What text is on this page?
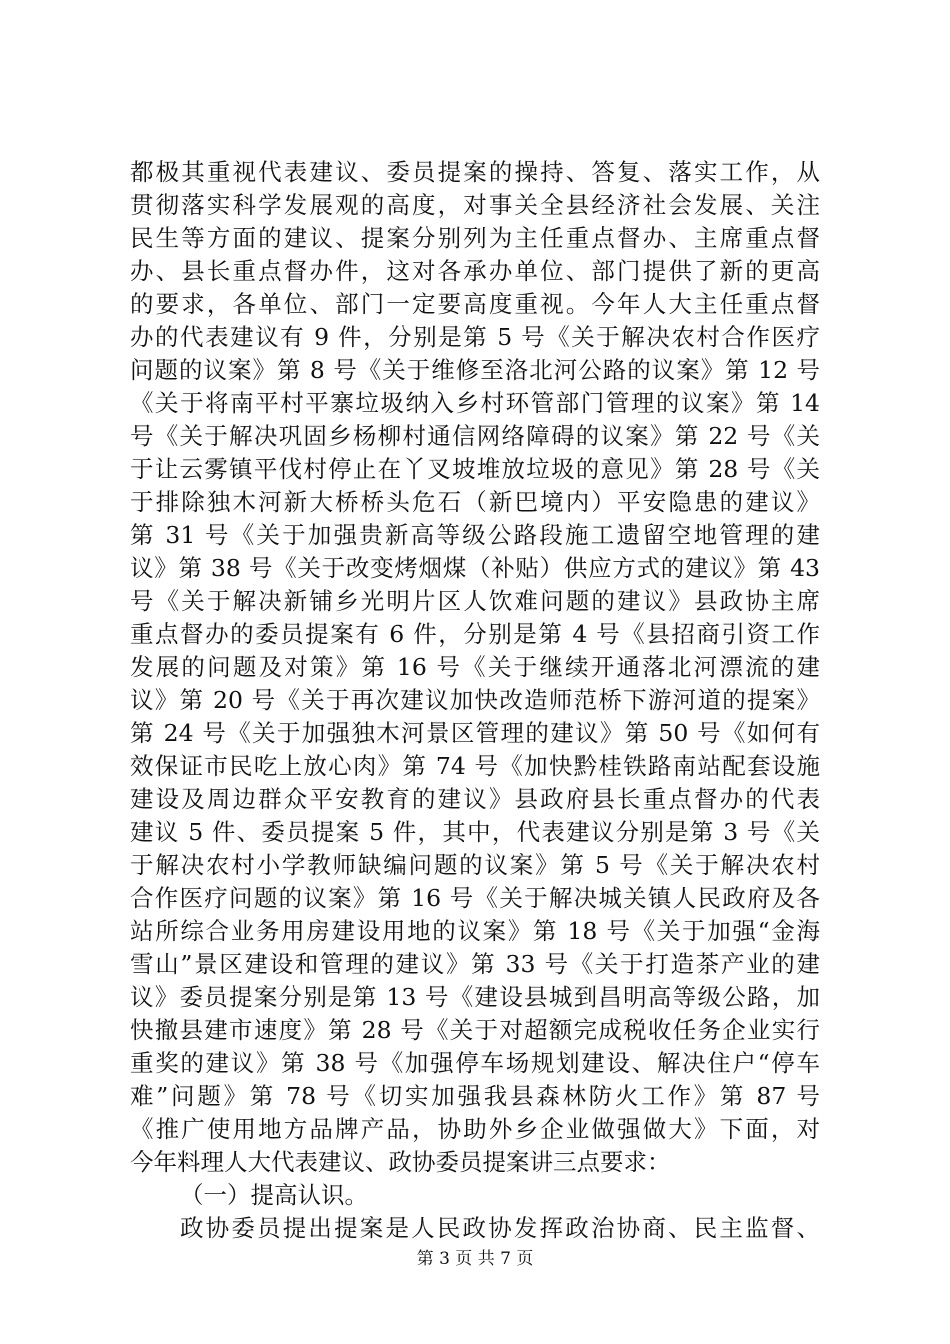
都极其重视代表建议、委员提案的操持、答复、落实工作，从
贯彻落实科学发展观的高度，对事关全县经济社会发展、关注
民生等方面的建议、提案分别列为主任重点督办、主席重点督
办、县长重点督办件，这对各承办单位、部门提供了新的更高
的要求，各单位、部门一定要高度重视。今年人大主任重点督
办的代表建议有 9 件，分别是第 5 号《关于解决农村合作医疗
问题的议案》第 8 号《关于维修至洛北河公路的议案》第 12 号
《关于将南平村平寨垃圾纳入乡村环管部门管理的议案》第 14
号《关于解决巩固乡杨柳村通信网络障碍的议案》第 22 号《关
于让云雾镇平伐村停止在丫叉坡堆放垃圾的意见》第 28 号《关
于排除独木河新大桥桥头危石（新巴境内）平安隐患的建议》
第 31 号《关于加强贵新高等级公路段施工遗留空地管理的建
议》第 38 号《关于改变烤烟煤（补贴）供应方式的建议》第 43
号《关于解决新铺乡光明片区人饮难问题的建议》县政协主席
重点督办的委员提案有 6 件，分别是第 4 号《县招商引资工作
发展的问题及对策》第 16 号《关于继续开通落北河漂流的建
议》第 20 号《关于再次建议加快改造师范桥下游河道的提案》
第 24 号《关于加强独木河景区管理的建议》第 50 号《如何有
效保证市民吃上放心肉》第 74 号《加快黔桂铁路南站配套设施
建设及周边群众平安教育的建议》县政府县长重点督办的代表
建议 5 件、委员提案 5 件，其中，代表建议分别是第 3 号《关
于解决农村小学教师缺编问题的议案》第 5 号《关于解决农村
合作医疗问题的议案》第 16 号《关于解决城关镇人民政府及各
站所综合业务用房建设用地的议案》第 18 号《关于加强“金海
雪山”景区建设和管理的建议》第 33 号《关于打造茶产业的建
议》委员提案分别是第 13 号《建设县城到昌明高等级公路，加
快撤县建市速度》第 28 号《关于对超额完成税收任务企业实行
重奖的建议》第 38 号《加强停车场规划建设、解决住户“停车
难”问题》第 78 号《切实加强我县森林防火工作》第 87 号
《推广使用地方品牌产品，协助外乡企业做强做大》下面，对
今年料理人大代表建议、政协委员提案讲三点要求：
（一）提高认识。
政协委员提出提案是人民政协发挥政治协商、民主监督、
第 3 页 共 7 页
